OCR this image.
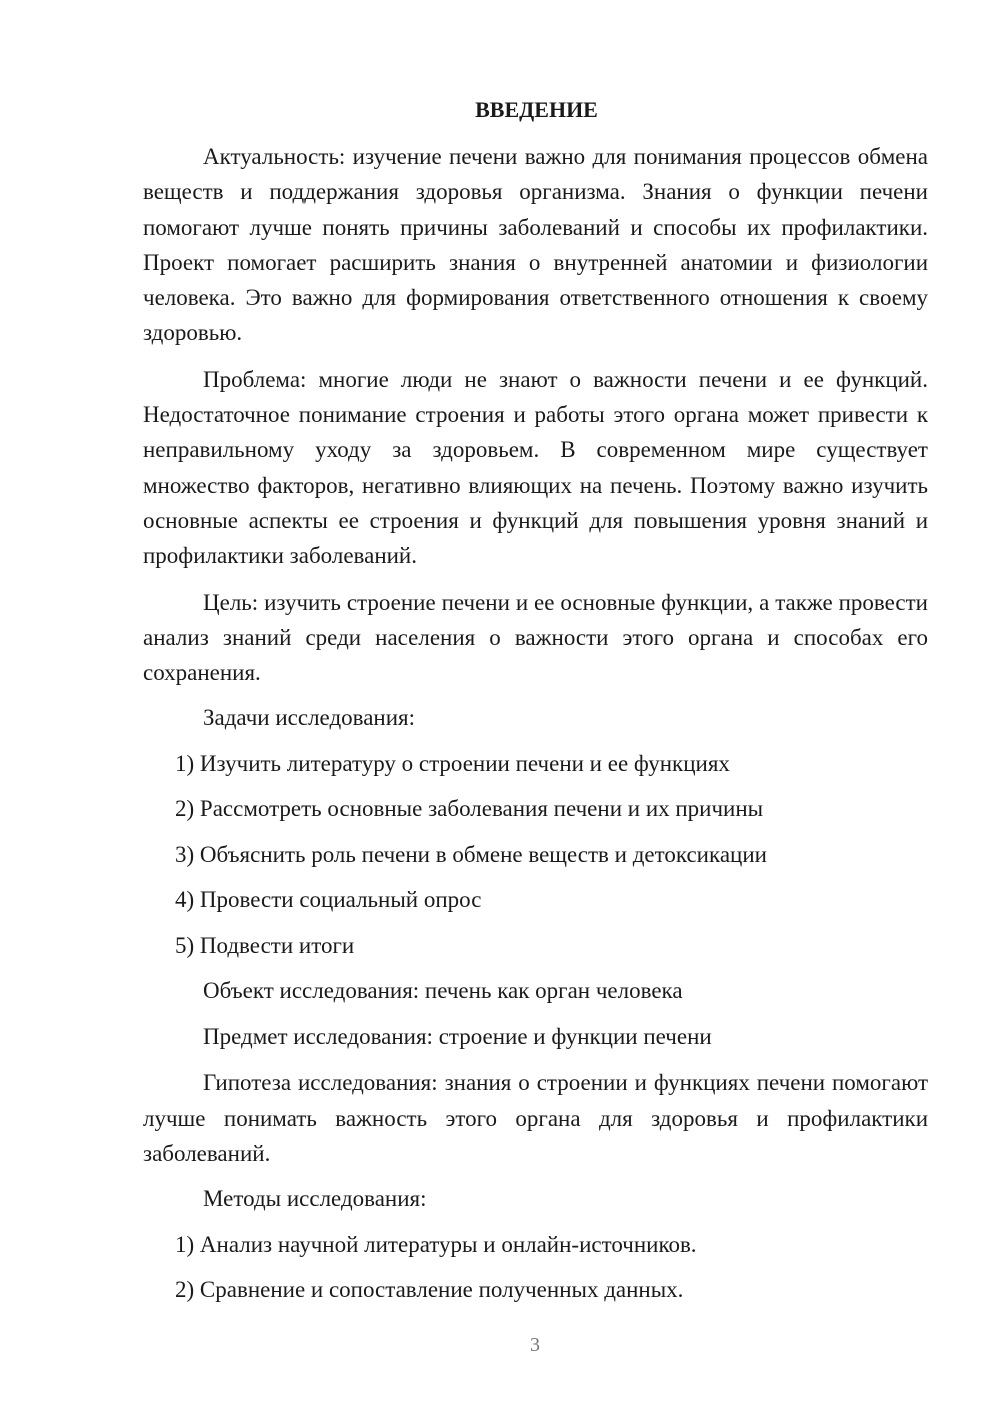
ВВЕДЕНИЕ

Актуальность: изучение печени важно для понимания процессов обмена веществ и поддержания здоровья организма. Знания о функции печени помогают лучше понять причины заболеваний и способы их профилактики. Проект помогает расширить знания о внутренней анатомии и физиологии человека. Это важно для формирования ответственного отношения к своему здоровью.

Проблема: многие люди не знают о важности печени и ее функций. Недостаточное понимание строения и работы этого органа может привести к неправильному уходу за здоровьем. В современном мире существует множество факторов, негативно влияющих на печень. Поэтому важно изучить основные аспекты ее строения и функций для повышения уровня знаний и профилактики заболеваний.

Цель: изучить строение печени и ее основные функции, а также провести анализ знаний среди населения о важности этого органа и способах его сохранения.

Задачи исследования:
1) Изучить литературу о строении печени и ее функциях
2) Рассмотреть основные заболевания печени и их причины
3) Объяснить роль печени в обмене веществ и детоксикации
4) Провести социальный опрос
5) Подвести итоги
Объект исследования: печень как орган человека
Предмет исследования: строение и функции печени

Гипотеза исследования: знания о строении и функциях печени помогают лучше понимать важность этого органа для здоровья и профилактики заболеваний.

Методы исследования:
1) Анализ научной литературы и онлайн-источников.
2) Сравнение и сопоставление полученных данных.
3
